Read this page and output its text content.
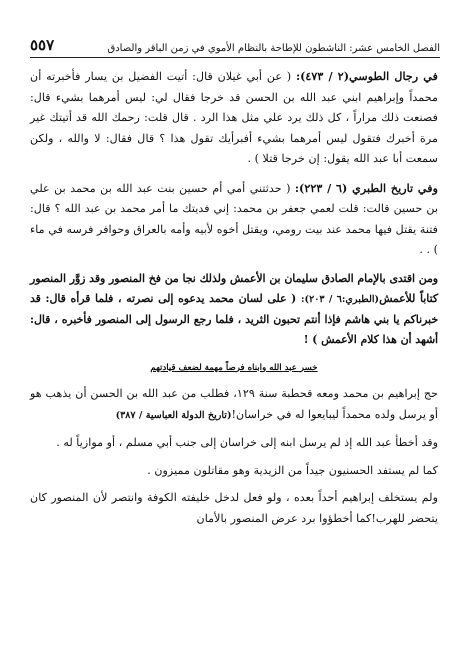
٥٥٧	الفصل الخامس عشر: الناشطون للإطاحة بالنظام الأموي في زمن الباقر والصادق

في رجال الطوسي(٢ / ٤٧٣): ( عن أبي غيلان قال: أتيت الفضيل بن يسار فأخبرته أن محمداً وإبراهيم ابني عبد الله بن الحسن قد خرجا فقال لي: ليس أمرهما بشيء قال: فصنعت ذلك مراراً ، كل ذلك يرد علي مثل هذا الرد . قال قلت: رحمك الله قد أتيتك غير مرة أخبرك فتقول ليس أمرهما بشيء أفبرأيك تقول هذا ؟ قال فقال: لا والله ، ولكن سمعت أبا عبد الله يقول: إن خرجا قتلا ) .

وفي تاريخ الطبري (٦ / ٢٢٣): ( حدثتني أمي أم حسين بنت عبد الله بن محمد بن علي بن حسين قالت: قلت لعمي جعفر بن محمد: إني فديتك ما أمر محمد بن عبد الله ؟ قال: فتنة يقتل فيها محمد عند بيت رومي، ويقتل أخوه لأبيه وأمه بالعراق وحوافر فرسه في ماء ) . .

ومن اقتدى بالإمام الصادق سليمان بن الأعمش ولذلك نجا من فخ المنصور وقد زوَّر المنصور كتاباً للأعمش(الطبري:٦ / ٢٠٣): ( على لسان محمد يدعوه إلى نصرته ، فلما قرأه قال: قد خبرناكم يا بني هاشم فإذا أنتم تحبون الثريد ، فلما رجع الرسول إلى المنصور فأخبره ، قال: أشهد أن هذا كلام الأعمش ) !

خسر عبد الله وابناه فرصاً مهمة لضعف قيادتهم

حج إبراهيم بن محمد ومعه قحطبة سنة ١٢٩، فطلب من عبد الله بن الحسن أن يذهب هو أو يرسل ولده محمداً ليبايعوا له في خراسان!(تاريخ الدولة العباسية / ٣٨٧)

وقد أخطأ عبد الله إذ لم يرسل ابنه إلى خراسان إلى جنب أبي مسلم ، أو موازياً له .

كما لم يستفد الحسنيون جيداً من الزيدية وهو مقاتلون مميزون .

ولم يستخلف إبراهيم أحداً بعده ، ولو فعل لدخل خليفته الكوفة وانتصر لأن المنصور كان يتحضر للهرب!كما أخطؤوا برد عرض المنصور بالأمان
